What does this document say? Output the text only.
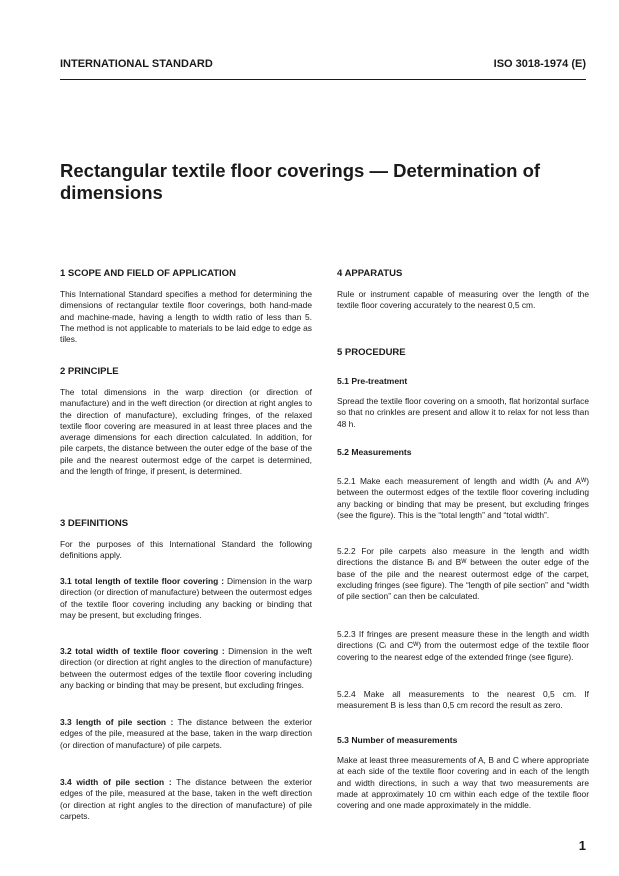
INTERNATIONAL STANDARD	ISO 3018-1974 (E)
Rectangular textile floor coverings — Determination of dimensions

1 SCOPE AND FIELD OF APPLICATION

This International Standard specifies a method for determining the dimensions of rectangular textile floor coverings, both hand-made and machine-made, having a length to width ratio of less than 5. The method is not applicable to materials to be laid edge to edge as tiles.

2 PRINCIPLE

The total dimensions in the warp direction (or direction of manufacture) and in the weft direction (or direction at right angles to the direction of manufacture), excluding fringes, of the relaxed textile floor covering are measured in at least three places and the average dimensions for each direction calculated. In addition, for pile carpets, the distance between the outer edge of the base of the pile and the nearest outermost edge of the carpet is determined, and the length of fringe, if present, is determined.

3 DEFINITIONS

For the purposes of this International Standard the following definitions apply.

3.1 total length of textile floor covering : Dimension in the warp direction (or direction of manufacture) between the outermost edges of the textile floor covering including any backing or binding that may be present, but excluding fringes.

3.2 total width of textile floor covering : Dimension in the weft direction (or direction at right angles to the direction of manufacture) between the outermost edges of the textile floor covering including any backing or binding that may be present, but excluding fringes.

3.3 length of pile section : The distance between the exterior edges of the pile, measured at the base, taken in the warp direction (or direction of manufacture) of pile carpets.

3.4 width of pile section : The distance between the exterior edges of the pile, measured at the base, taken in the weft direction (or direction at right angles to the direction of manufacture) of pile carpets.

4 APPARATUS

Rule or instrument capable of measuring over the length of the textile floor covering accurately to the nearest 0,5 cm.

5 PROCEDURE

5.1 Pre-treatment

Spread the textile floor covering on a smooth, flat horizontal surface so that no crinkles are present and allow it to relax for not less than 48 h.

5.2 Measurements

5.2.1 Make each measurement of length and width (Aₗ and Aᵂ) between the outermost edges of the textile floor covering including any backing or binding that may be present, but excluding fringes (see the figure). This is the “total length” and “total width”.

5.2.2 For pile carpets also measure in the length and width directions the distance Bₗ and Bᵂ between the outer edge of the base of the pile and the nearest outermost edge of the carpet, excluding fringes (see figure). The “length of pile section” and “width of pile section” can then be calculated.

5.2.3 If fringes are present measure these in the length and width directions (Cₗ and Cᵂ) from the outermost edge of the textile floor covering to the nearest edge of the extended fringe (see figure).

5.2.4 Make all measurements to the nearest 0,5 cm. If measurement B is less than 0,5 cm record the result as zero.

5.3 Number of measurements

Make at least three measurements of A, B and C where appropriate at each side of the textile floor covering and in each of the length and width directions, in such a way that two measurements are made at approximately 10 cm within each edge of the textile floor covering and one made approximately in the middle.

1
